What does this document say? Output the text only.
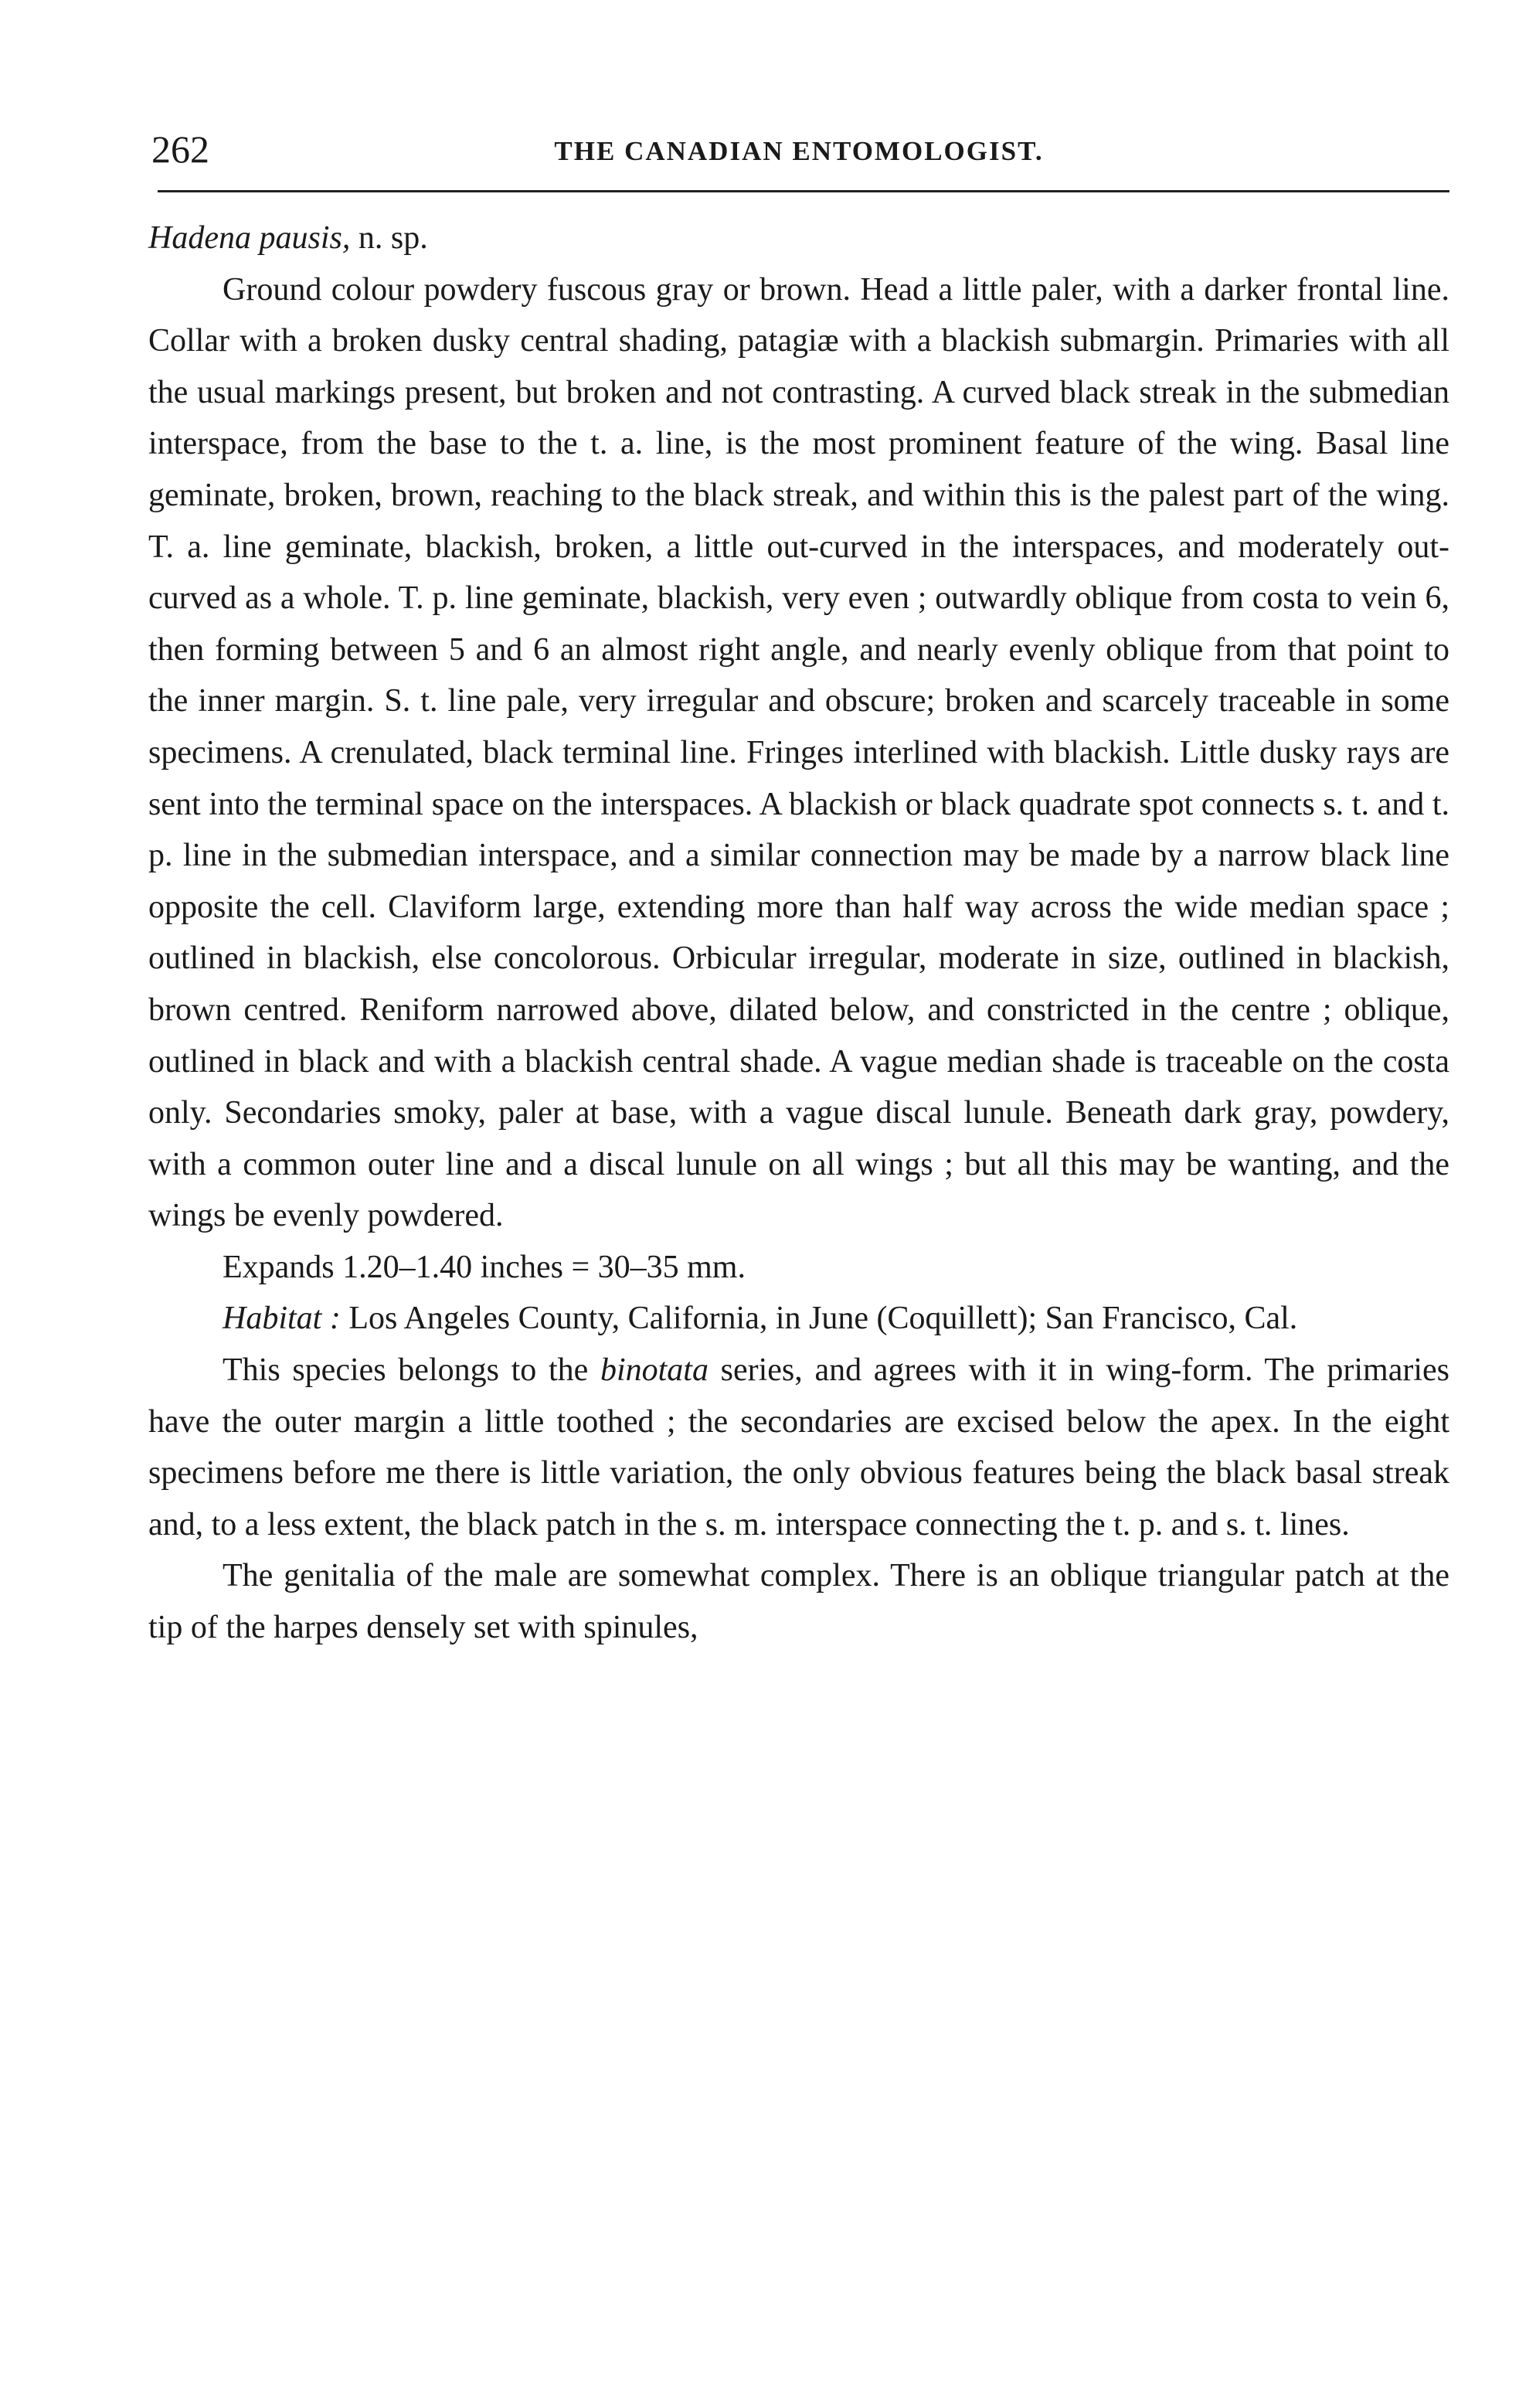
262	THE CANADIAN ENTOMOLOGIST.

Hadena pausis, n. sp.

Ground colour powdery fuscous gray or brown. Head a little paler, with a darker frontal line. Collar with a broken dusky central shading, patagiæ with a blackish submargin. Primaries with all the usual markings present, but broken and not contrasting. A curved black streak in the submedian interspace, from the base to the t. a. line, is the most prominent feature of the wing. Basal line geminate, broken, brown, reaching to the black streak, and within this is the palest part of the wing. T. a. line geminate, blackish, broken, a little out-curved in the interspaces, and moderately out-curved as a whole. T. p. line geminate, blackish, very even ; outwardly oblique from costa to vein 6, then forming between 5 and 6 an almost right angle, and nearly evenly oblique from that point to the inner margin. S. t. line pale, very irregular and obscure; broken and scarcely traceable in some specimens. A crenulated, black terminal line. Fringes interlined with blackish. Little dusky rays are sent into the terminal space on the interspaces. A blackish or black quadrate spot connects s. t. and t. p. line in the submedian interspace, and a similar connection may be made by a narrow black line opposite the cell. Claviform large, extending more than half way across the wide median space ; outlined in blackish, else concolorous. Orbicular irregular, moderate in size, outlined in blackish, brown centred. Reniform narrowed above, dilated below, and constricted in the centre ; oblique, outlined in black and with a blackish central shade. A vague median shade is traceable on the costa only. Secondaries smoky, paler at base, with a vague discal lunule. Beneath dark gray, powdery, with a common outer line and a discal lunule on all wings ; but all this may be wanting, and the wings be evenly powdered.

Expands 1.20–1.40 inches = 30–35 mm.

Habitat : Los Angeles County, California, in June (Coquillett); San Francisco, Cal.

This species belongs to the binotata series, and agrees with it in wing-form. The primaries have the outer margin a little toothed ; the secondaries are excised below the apex. In the eight specimens before me there is little variation, the only obvious features being the black basal streak and, to a less extent, the black patch in the s. m. interspace connecting the t. p. and s. t. lines.

The genitalia of the male are somewhat complex. There is an oblique triangular patch at the tip of the harpes densely set with spinules,
